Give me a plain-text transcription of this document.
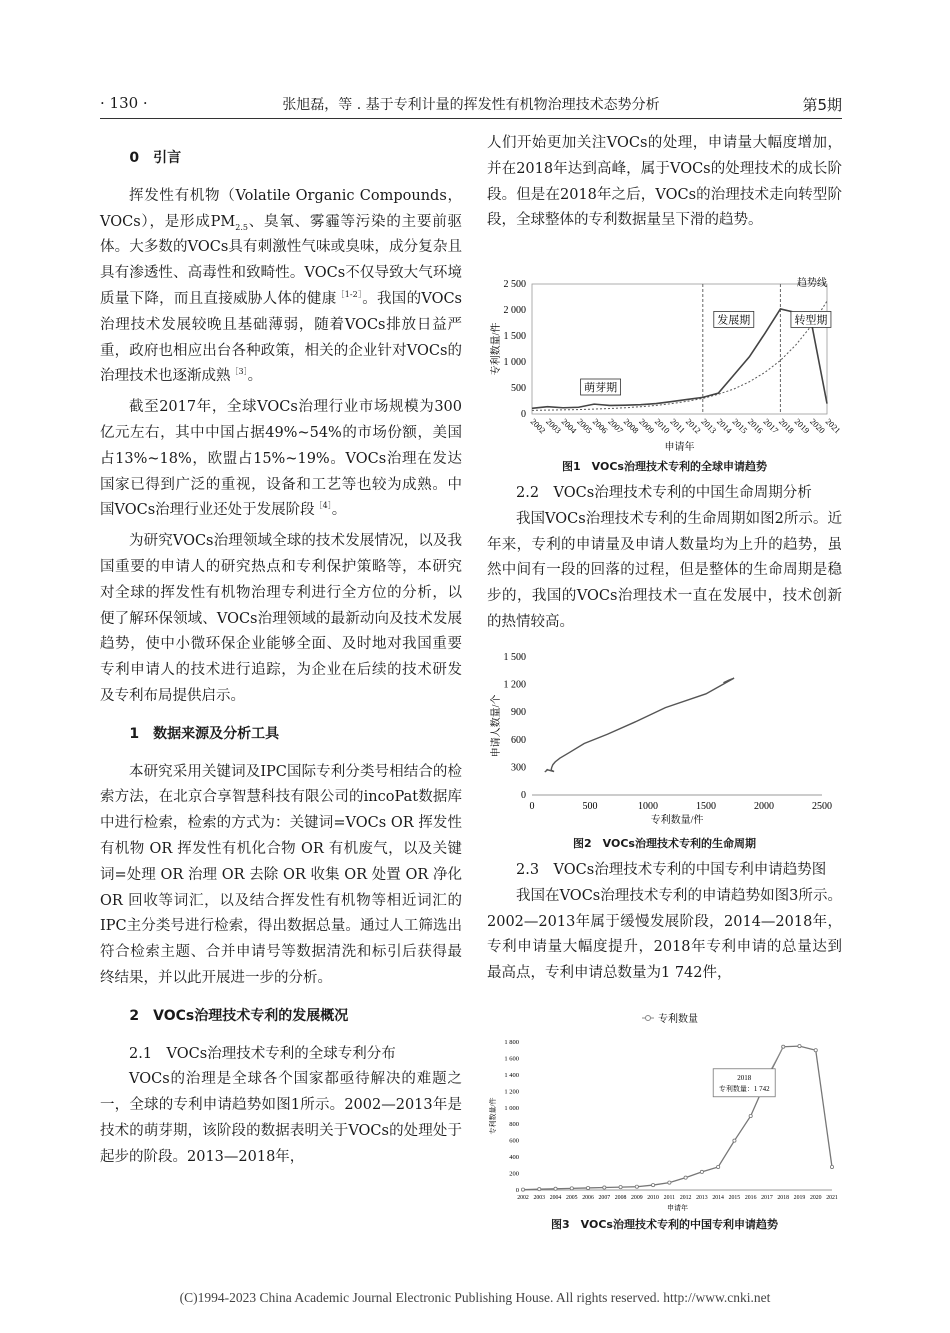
· 130 ·	张旭磊，等 . 基于专利计量的挥发性有机物治理技术态势分析	第5期
0　引言

挥发性有机物（Volatile Organic Compounds，VOCs），是形成$PM_{2.5}$、臭氧、雾霾等污染的主要前驱体。大多数的VOCs具有刺激性气味或臭味，成分复杂且具有渗透性、高毒性和致畸性。VOCs不仅导致大气环境质量下降，而且直接威胁人体的健康$^{[1-2]}$。我国的VOCs治理技术发展较晚且基础薄弱，随着VOCs排放日益严重，政府也相应出台各种政策，相关的企业针对VOCs的治理技术也逐渐成熟$^{[3]}$。

截至2017年，全球VOCs治理行业市场规模为300亿元左右，其中中国占据49%~54%的市场份额，美国占13%~18%，欧盟占15%~19%。VOCs治理在发达国家已得到广泛的重视，设备和工艺等也较为成熟。中国VOCs治理行业还处于发展阶段$^{[4]}$。

为研究VOCs治理领域全球的技术发展情况，以及我国重要的申请人的研究热点和专利保护策略等，本研究对全球的挥发性有机物治理专利进行全方位的分析，以便了解环保领域、VOCs治理领域的最新动向及技术发展趋势，使中小微环保企业能够全面、及时地对我国重要专利申请人的技术进行追踪，为企业在后续的技术研发及专利布局提供启示。

1　数据来源及分析工具

本研究采用关键词及IPC国际专利分类号相结合的检索方法，在北京合享智慧科技有限公司的incoPat数据库中进行检索，检索的方式为：关键词=VOCs OR 挥发性有机物 OR 挥发性有机化合物 OR 有机废气，以及关键词=处理 OR 治理 OR 去除 OR 收集 OR 处置 OR 净化 OR 回收等词汇，以及结合挥发性有机物等相近词汇的IPC主分类号进行检索，得出数据总量。通过人工筛选出符合检索主题、合并申请号等数据清洗和标引后获得最终结果，并以此开展进一步的分析。

2　VOCs治理技术专利的发展概况

2.1　VOCs治理技术专利的全球专利分布

VOCs的治理是全球各个国家都亟待解决的难题之一，全球的专利申请趋势如图1所示。2002—2013年是技术的萌芽期，该阶段的数据表明关于VOCs的处理处于起步的阶段。2013—2018年，

人们开始更加关注VOCs的处理，申请量大幅度增加，并在2018年达到高峰，属于VOCs的处理技术的成长阶段。但是在2018年之后，VOCs的治理技术走向转型阶段，全球整体的专利数据量呈下滑的趋势。

0
500
1 000
1 500
2 000
2 500
2002
2003
2004
2005
2006
2007
2008
2009
2010
2011
2012
2013
2014
2015
2016
2017
2018
2019
2020
2021
萌芽期
发展期	转型期
趋势线
申请年
专利数量/件
图1　VOCs治理技术专利的全球申请趋势

2.2　VOCs治理技术专利的中国生命周期分析

我国VOCs治理技术专利的生命周期如图2所示。近年来，专利的申请量及申请人数量均为上升的趋势，虽然中间有一段的回落的过程，但是整体的生命周期是稳步的，我国的VOCs治理技术一直在发展中，技术创新的热情较高。

0
300
600
900
1 200
1 500
0	500	1000	1500	2000	2500
专利数量/件
申请人数量/个
图2　VOCs治理技术专利的生命周期

2.3　VOCs治理技术专利的中国专利申请趋势图

我国在VOCs治理技术专利的申请趋势如图3所示。2002—2013年属于缓慢发展阶段，2014—2018年，专利申请量大幅度提升，2018年专利申请的总量达到最高点，专利申请总数量为1 742件，

专利数量
0
200
400
600
800
1 000
1 200
1 400
1 600
1 800
2002 2003 2004 2005 2006 2007 2008 2009 2010 2011 2012 2013 2014 2015 2016 2017 2018 2019 2020 2021
2018
专利数量：1 742
申请年
专利数量/件
图3　VOCs治理技术专利的中国专利申请趋势
(C)1994-2023 China Academic Journal Electronic Publishing House. All rights reserved. http://www.cnki.net
